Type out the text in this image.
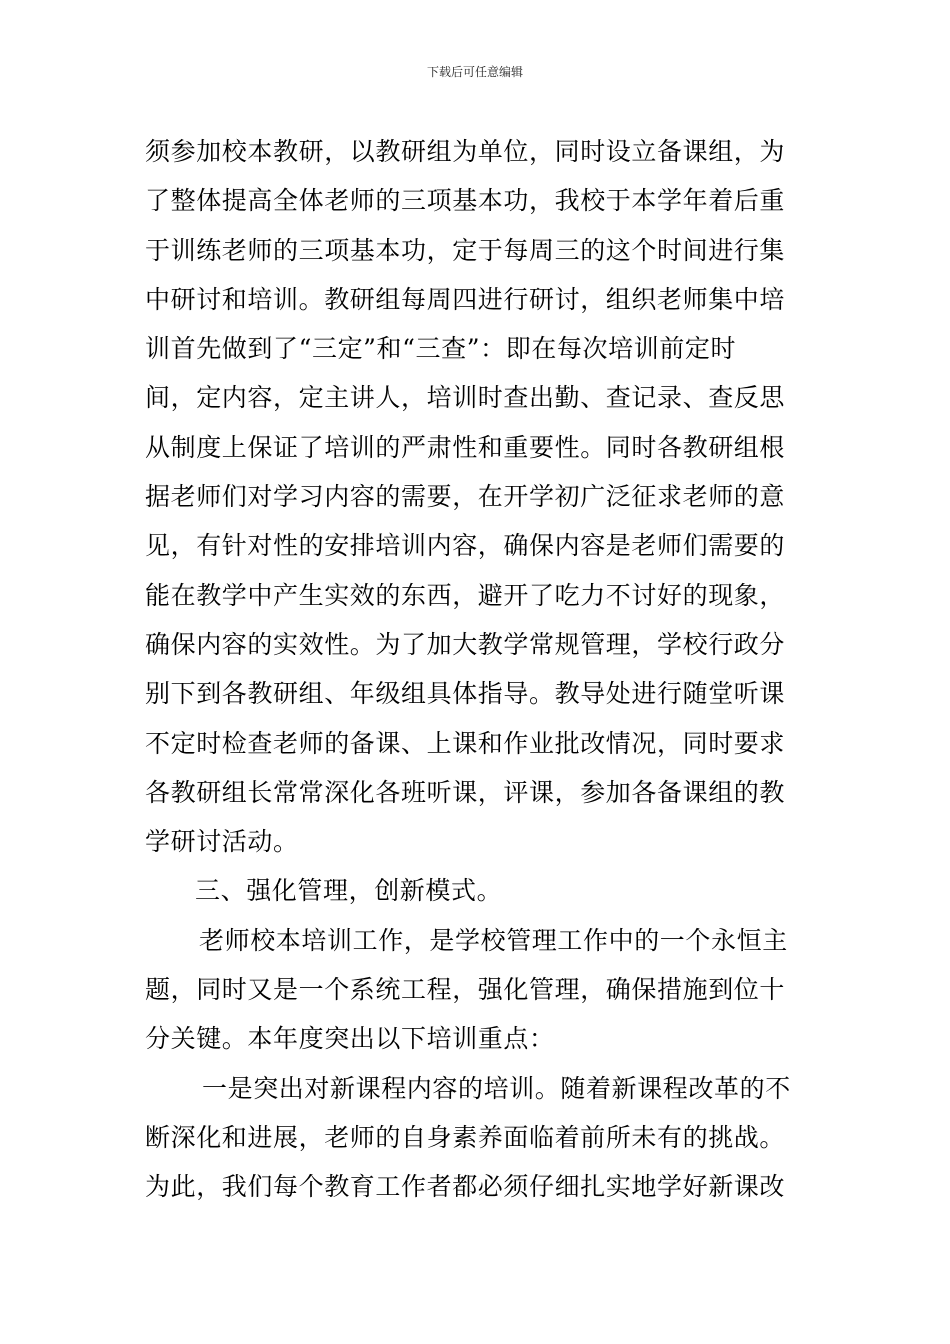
下载后可任意编辑
须参加校本教研，以教研组为单位，同时设立备课组，为
了整体提高全体老师的三项基本功，我校于本学年着后重
于训练老师的三项基本功，定于每周三的这个时间进行集
中研讨和培训。教研组每周四进行研讨，组织老师集中培
训首先做到了“三定”和“三查”：即在每次培训前定时
间，定内容，定主讲人，培训时查出勤、查记录、查反思
从制度上保证了培训的严肃性和重要性。同时各教研组根
据老师们对学习内容的需要，在开学初广泛征求老师的意
见，有针对性的安排培训内容，确保内容是老师们需要的
能在教学中产生实效的东西，避开了吃力不讨好的现象，
确保内容的实效性。为了加大教学常规管理，学校行政分
别下到各教研组、年级组具体指导。教导处进行随堂听课
不定时检查老师的备课、上课和作业批改情况，同时要求
各教研组长常常深化各班听课，评课，参加各备课组的教
学研讨活动。
三、强化管理，创新模式。
老师校本培训工作，是学校管理工作中的一个永恒主
题，同时又是一个系统工程，强化管理，确保措施到位十
分关键。本年度突出以下培训重点：
一是突出对新课程内容的培训。随着新课程改革的不
断深化和进展，老师的自身素养面临着前所未有的挑战。
为此，我们每个教育工作者都必须仔细扎实地学好新课改
